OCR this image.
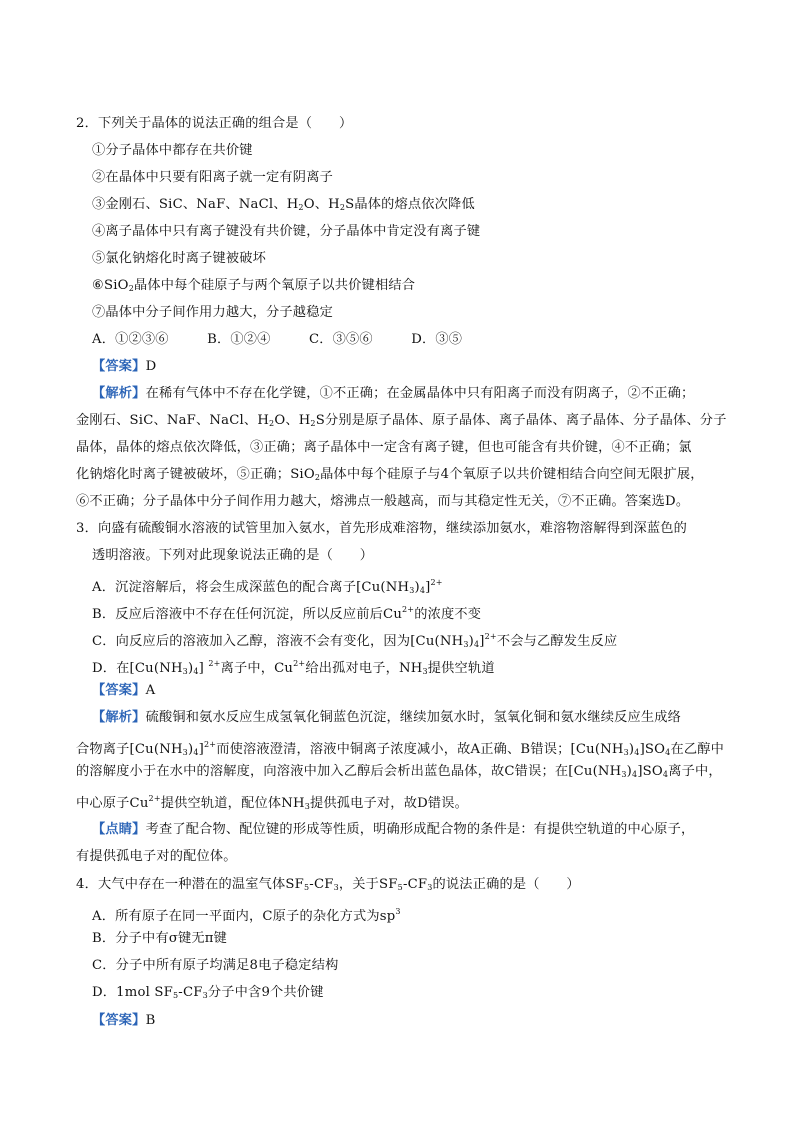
2．下列关于晶体的说法正确的组合是（　　）
①分子晶体中都存在共价键
②在晶体中只要有阳离子就一定有阴离子
③金刚石、SiC、NaF、NaCl、$H_2O$、$H_2S$晶体的熔点依次降低
④离子晶体中只有离子键没有共价键，分子晶体中肯定没有离子键
⑤氯化钠熔化时离子键被破坏
⑥SiO$_2$晶体中每个硅原子与两个氧原子以共价键相结合
⑦晶体中分子间作用力越大，分子越稳定
A．①②③⑥	B．①②④	C．③⑤⑥	D．③⑤
【答案】D
【解析】在稀有气体中不存在化学键，①不正确；在金属晶体中只有阳离子而没有阴离子，②不正确；
金刚石、SiC、NaF、NaCl、$H_2O$、$H_2S$分别是原子晶体、原子晶体、离子晶体、离子晶体、分子晶体、分子
晶体，晶体的熔点依次降低，③正确；离子晶体中一定含有离子键，但也可能含有共价键，④不正确；氯
化钠熔化时离子键被破坏，⑤正确；SiO$_2$晶体中每个硅原子与4个氧原子以共价键相结合向空间无限扩展，
⑥不正确；分子晶体中分子间作用力越大，熔沸点一般越高，而与其稳定性无关，⑦不正确。答案选D。
3．向盛有硫酸铜水溶液的试管里加入氨水，首先形成难溶物，继续添加氨水，难溶物溶解得到深蓝色的
透明溶液。下列对此现象说法正确的是（　　）
A．沉淀溶解后，将会生成深蓝色的配合离子$[Cu(NH_3)_4]^{2+}$
B．反应后溶液中不存在任何沉淀，所以反应前后$Cu^{2+}$的浓度不变
C．向反应后的溶液加入乙醇，溶液不会有变化，因为$[Cu(NH_3)_4]^{2+}$不会与乙醇发生反应
D．在$[Cu(NH_3)_4]$ $^{2+}$离子中，$Cu^{2+}$给出孤对电子，$NH_3$提供空轨道
【答案】A
【解析】硫酸铜和氨水反应生成氢氧化铜蓝色沉淀，继续加氨水时，氢氧化铜和氨水继续反应生成络
合物离子$[Cu(NH_3)_4]^{2+}$而使溶液澄清，溶液中铜离子浓度减小，故A正确、B错误；$[Cu(NH_3)_4]SO_4$在乙醇中
的溶解度小于在水中的溶解度，向溶液中加入乙醇后会析出蓝色晶体，故C错误；在$[Cu(NH_3)_4]SO_4$离子中，
中心原子$Cu^{2+}$提供空轨道，配位体$NH_3$提供孤电子对，故D错误。
【点睛】考查了配合物、配位键的形成等性质，明确形成配合物的条件是：有提供空轨道的中心原子，
有提供孤电子对的配位体。
4．大气中存在一种潜在的温室气体$SF_5-CF_3$，关于$SF_5-CF_3$的说法正确的是（　　）
A．所有原子在同一平面内，C原子的杂化方式为$sp^3$
B．分子中有σ键无π键
C．分子中所有原子均满足8电子稳定结构
D．1mol $SF_5-CF_3$分子中含9个共价键
【答案】B
